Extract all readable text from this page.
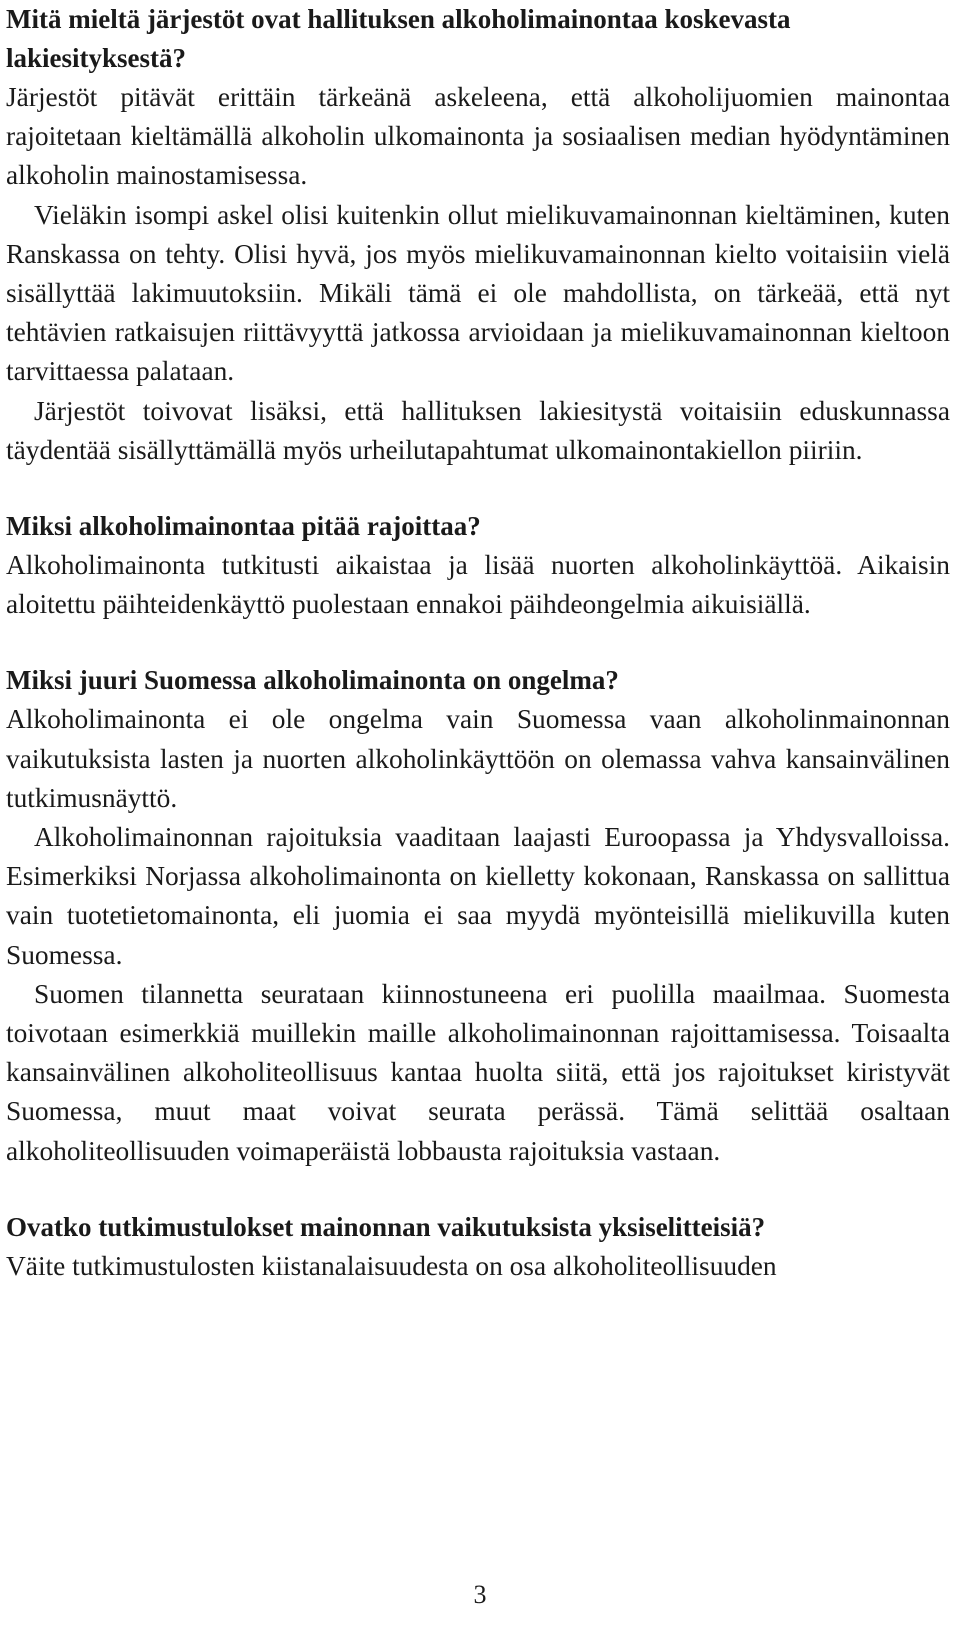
Mitä mieltä järjestöt ovat hallituksen alkoholimainontaa koskevasta lakiesityksestä?

Järjestöt pitävät erittäin tärkeänä askeleena, että alkoholijuomien mainontaa rajoitetaan kieltämällä alkoholin ulkomainonta ja sosiaalisen median hyödyntäminen alkoholin mainostamisessa.

Vieläkin isompi askel olisi kuitenkin ollut mielikuvamainonnan kieltäminen, kuten Ranskassa on tehty. Olisi hyvä, jos myös mielikuvamainonnan kielto voitaisiin vielä sisällyttää lakimuutoksiin. Mikäli tämä ei ole mahdollista, on tärkeää, että nyt tehtävien ratkaisujen riittävyyttä jatkossa arvioidaan ja mielikuvamainonnan kieltoon tarvittaessa palataan.

Järjestöt toivovat lisäksi, että hallituksen lakiesitystä voitaisiin eduskunnassa täydentää sisällyttämällä myös urheilutapahtumat ulkomainontakiellon piiriin.

Miksi alkoholimainontaa pitää rajoittaa?

Alkoholimainonta tutkitusti aikaistaa ja lisää nuorten alkoholinkäyttöä. Aikaisin aloitettu päihteidenkäyttö puolestaan ennakoi päihdeongelmia aikuisiällä.

Miksi juuri Suomessa alkoholimainonta on ongelma?

Alkoholimainonta ei ole ongelma vain Suomessa vaan alkoholinmainonnan vaikutuksista lasten ja nuorten alkoholinkäyttöön on olemassa vahva kansainvälinen tutkimusnäyttö.

Alkoholimainonnan rajoituksia vaaditaan laajasti Euroopassa ja Yhdysvalloissa. Esimerkiksi Norjassa alkoholimainonta on kielletty kokonaan, Ranskassa on sallittua vain tuotetietomainonta, eli juomia ei saa myydä myönteisillä mielikuvilla kuten Suomessa.

Suomen tilannetta seurataan kiinnostuneena eri puolilla maailmaa. Suomesta toivotaan esimerkkiä muillekin maille alkoholimainonnan rajoittamisessa. Toisaalta kansainvälinen alkoholiteollisuus kantaa huolta siitä, että jos rajoitukset kiristyvät Suomessa, muut maat voivat seurata perässä. Tämä selittää osaltaan alkoholiteollisuuden voimaperäistä lobbausta rajoituksia vastaan.

Ovatko tutkimustulokset mainonnan vaikutuksista yksiselitteisiä?

Väite tutkimustulosten kiistanalaisuudesta on osa alkoholiteollisuuden

3
